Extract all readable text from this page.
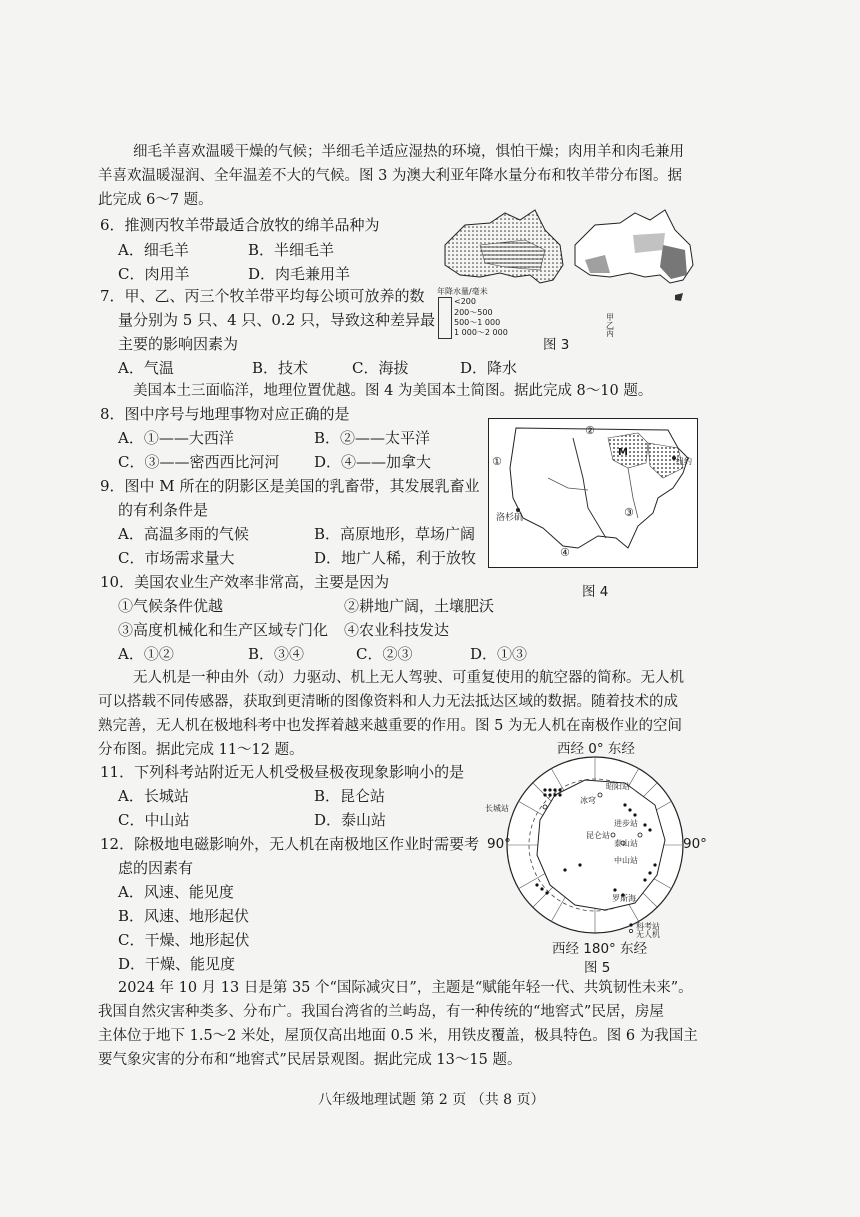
细毛羊喜欢温暖干燥的气候；半细毛羊适应湿热的环境，惧怕干燥；肉用羊和肉毛兼用
羊喜欢温暖湿润、全年温差不大的气候。图 3 为澳大利亚年降水量分布和牧羊带分布图。据
此完成 6～7 题。
6．推测丙牧羊带最适合放牧的绵羊品种为
A．细毛羊	B．半细毛羊
C．肉用羊	D．肉毛兼用羊
7．甲、乙、丙三个牧羊带平均每公顷可放养的数
量分别为 5 只、4 只、0.2 只，导致这种差异最
主要的影响因素为
A．气温	B．技术	C．海拔	D．降水
年降水量/毫米
<200
200～500
500～1 000
1 000～2 000
甲
乙
丙
图 3
美国本土三面临洋，地理位置优越。图 4 为美国本土简图。据此完成 8～10 题。
8．图中序号与地理事物对应正确的是
A．①——大西洋	B．②——太平洋
C．③——密西西比河河 D．④——加拿大
9．图中 M 所在的阴影区是美国的乳畜带，其发展乳畜业
的有利条件是
A．高温多雨的气候	B．高原地形，草场广阔
C．市场需求量大	D．地广人稀，利于放牧
①
②
③
④
M
洛杉矶
纽约
图 4
10．美国农业生产效率非常高，主要是因为
①气候条件优越	②耕地广阔，土壤肥沃
③高度机械化和生产区域专门化 ④农业科技发达
A．①②	B．③④	C．②③	D．①③
无人机是一种由外（动）力驱动、机上无人驾驶、可重复使用的航空器的简称。无人机
可以搭载不同传感器，获取到更清晰的图像资料和人力无法抵达区域的数据。随着技术的成
熟完善，无人机在极地科考中也发挥着越来越重要的作用。图 5 为无人机在南极作业的空间
分布图。据此完成 11～12 题。	西经 0° 东经
长城站
昆仑站
泰山站
中山站
罗斯海
冰穹
昭阳站
进步站
90°	90°
科考站
无人机
西经 180° 东经
图 5
11．下列科考站附近无人机受极昼极夜现象影响小的是
A．长城站	B．昆仑站
C．中山站	D．泰山站
12．除极地电磁影响外，无人机在南极地区作业时需要考
虑的因素有
A．风速、能见度
B．风速、地形起伏
C．干燥、地形起伏
D．干燥、能见度
2024 年 10 月 13 日是第 35 个“国际减灾日”，主题是“赋能年轻一代、共筑韧性未来”。
我国自然灾害种类多、分布广。我国台湾省的兰屿岛，有一种传统的“地窖式”民居，房屋
主体位于地下 1.5～2 米处，屋顶仅高出地面 0.5 米，用铁皮覆盖，极具特色。图 6 为我国主
要气象灾害的分布和“地窖式”民居景观图。据此完成 13～15 题。
八年级地理试题 第 2 页 （共 8 页）
